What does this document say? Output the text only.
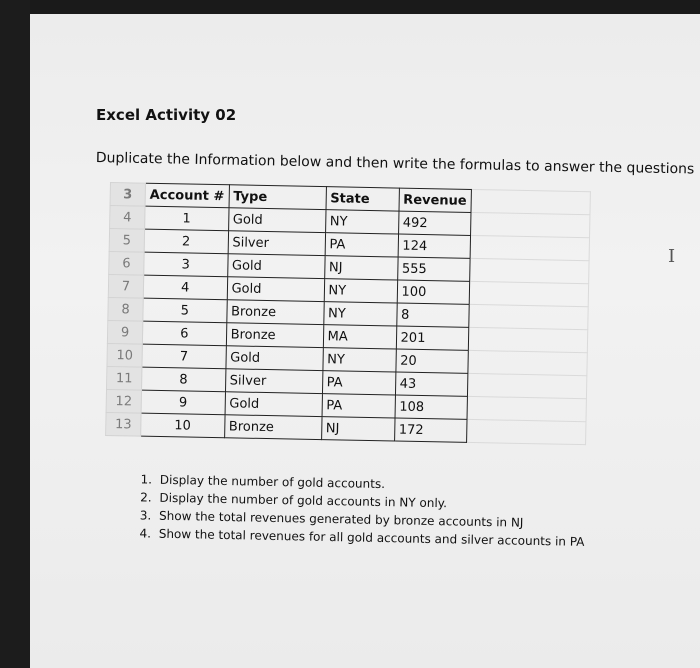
Excel Activity 02
Duplicate the Information below and then write the formulas to answer the questions
3	Account #	Type	State	Revenue	
4	1	Gold	NY	492	
5	2	Silver	PA	124	
6	3	Gold	NJ	555	
7	4	Gold	NY	100	
8	5	Bronze	NY	8	
9	6	Bronze	MA	201	
10	7	Gold	NY	20	
11	8	Silver	PA	43	
12	9	Gold	PA	108	
13	10	Bronze	NJ	172	
I
1. Display the number of gold accounts.
2. Display the number of gold accounts in NY only.
3. Show the total revenues generated by bronze accounts in NJ
4. Show the total revenues for all gold accounts and silver accounts in PA
